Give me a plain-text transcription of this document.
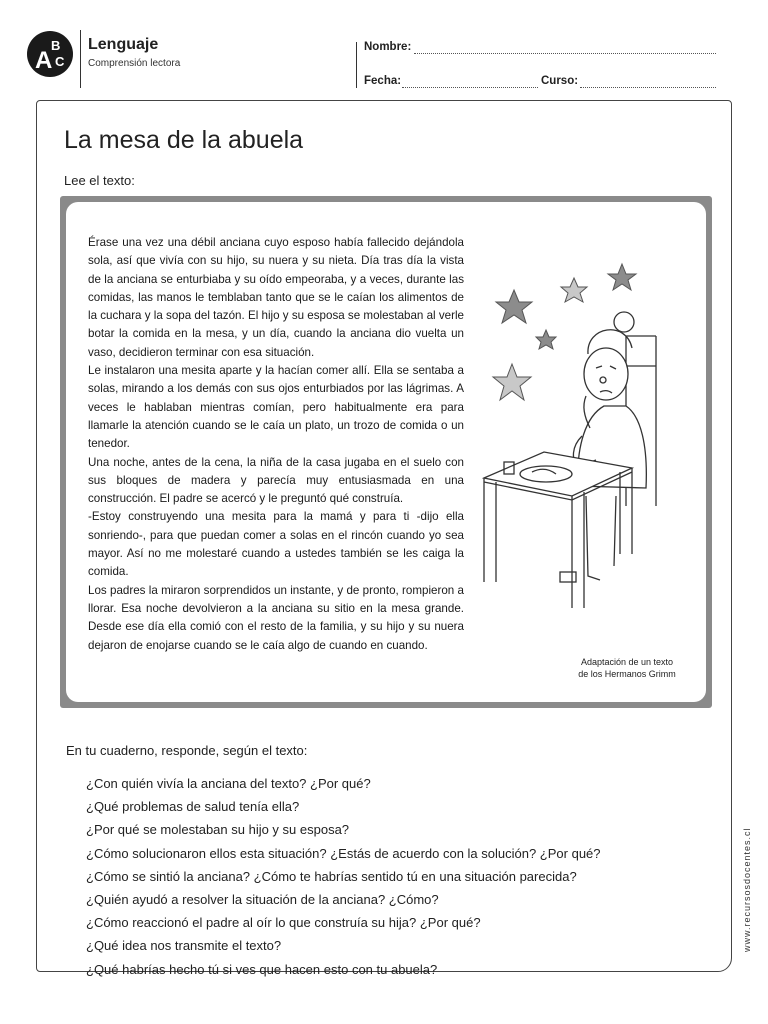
A
B
C
Lenguaje
Comprensión lectora
Nombre:
Fecha:	Curso:
La mesa de la abuela
Lee el texto:

Érase una vez una débil anciana cuyo esposo había fallecido dejándola sola, así que vivía con su hijo, su nuera y su nieta. Día tras día la vista de la anciana se enturbiaba y su oído empeoraba, y a veces, durante las comidas, las manos le temblaban tanto que se le caían los alimentos de la cuchara y la sopa del tazón. El hijo y su esposa se molestaban al verle botar la comida en la mesa, y un día, cuando la anciana dio vuelta un vaso, decidieron terminar con esa situación.

Le instalaron una mesita aparte y la hacían comer allí. Ella se sentaba a solas, mirando a los demás con sus ojos enturbiados por las lágrimas. A veces le hablaban mientras comían, pero habitualmente era para llamarle la atención cuando se le caía un plato, un trozo de comida o un tenedor.

Una noche, antes de la cena, la niña de la casa jugaba en el suelo con sus bloques de madera y parecía muy entusiasmada en una construcción. El padre se acercó y le preguntó qué construía.

-Estoy construyendo una mesita para la mamá y para ti -dijo ella sonriendo-, para que puedan comer a solas en el rincón cuando yo sea mayor. Así no me molestaré cuando a ustedes también se les caiga la comida.

Los padres la miraron sorprendidos un instante, y de pronto, rompieron a llorar. Esa noche devolvieron a la anciana su sitio en la mesa grande. Desde ese día ella comió con el resto de la familia, y su hijo y su nuera dejaron de enojarse cuando se le caía algo de cuando en cuando.

Adaptación de un texto
de los Hermanos Grimm
En tu cuaderno, responde, según el texto:
¿Con quién vivía la anciana del texto? ¿Por qué?
¿Qué problemas de salud tenía ella?
¿Por qué se molestaban su hijo y su esposa?
¿Cómo solucionaron ellos esta situación? ¿Estás de acuerdo con la solución? ¿Por qué?
¿Cómo se sintió la anciana? ¿Cómo te habrías sentido tú en una situación parecida?
¿Quién ayudó a resolver la situación de la anciana? ¿Cómo?
¿Cómo reaccionó el padre al oír lo que construía su hija? ¿Por qué?
¿Qué idea nos transmite el texto?
¿Qué habrías hecho tú si ves que hacen esto con tu abuela?
www.recursosdocentes.cl
